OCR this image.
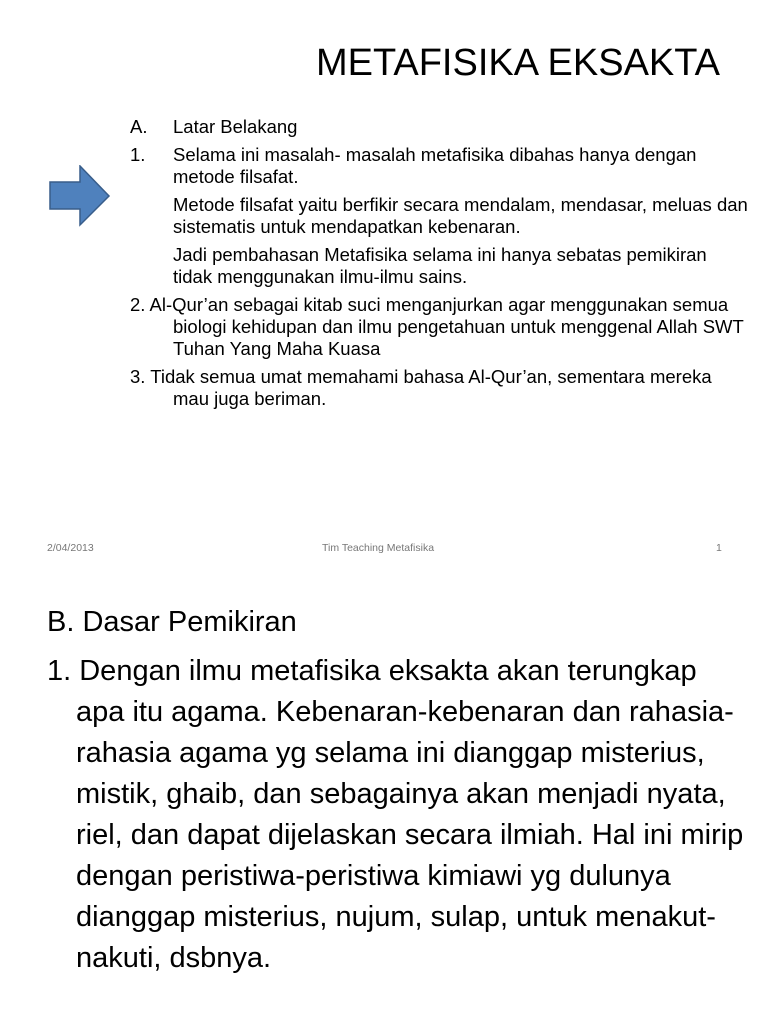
METAFISIKA EKSAKTA
A.	Latar Belakang
1.	Selama ini masalah- masalah metafisika dibahas hanya dengan metode filsafat.
Metode filsafat yaitu berfikir secara mendalam, mendasar, meluas dan sistematis untuk mendapatkan kebenaran.
Jadi pembahasan Metafisika selama ini hanya sebatas pemikiran tidak menggunakan ilmu-ilmu sains.
2. Al-Qur’an sebagai kitab suci menganjurkan agar menggunakan semua biologi kehidupan dan ilmu pengetahuan untuk menggenal Allah SWT Tuhan Yang Maha Kuasa
3. Tidak semua umat memahami bahasa Al-Qur’an, sementara mereka mau juga beriman.
2/04/2013	Tim Teaching Metafisika	1

B. Dasar Pemikiran

1. Dengan ilmu metafisika eksakta akan terungkap apa itu agama. Kebenaran-kebenaran dan rahasia-rahasia agama yg selama ini dianggap misterius, mistik, ghaib, dan sebagainya akan menjadi nyata, riel, dan dapat dijelaskan secara ilmiah. Hal ini mirip dengan peristiwa-peristiwa kimiawi yg dulunya dianggap misterius, nujum, sulap, untuk menakut-nakuti, dsbnya.
